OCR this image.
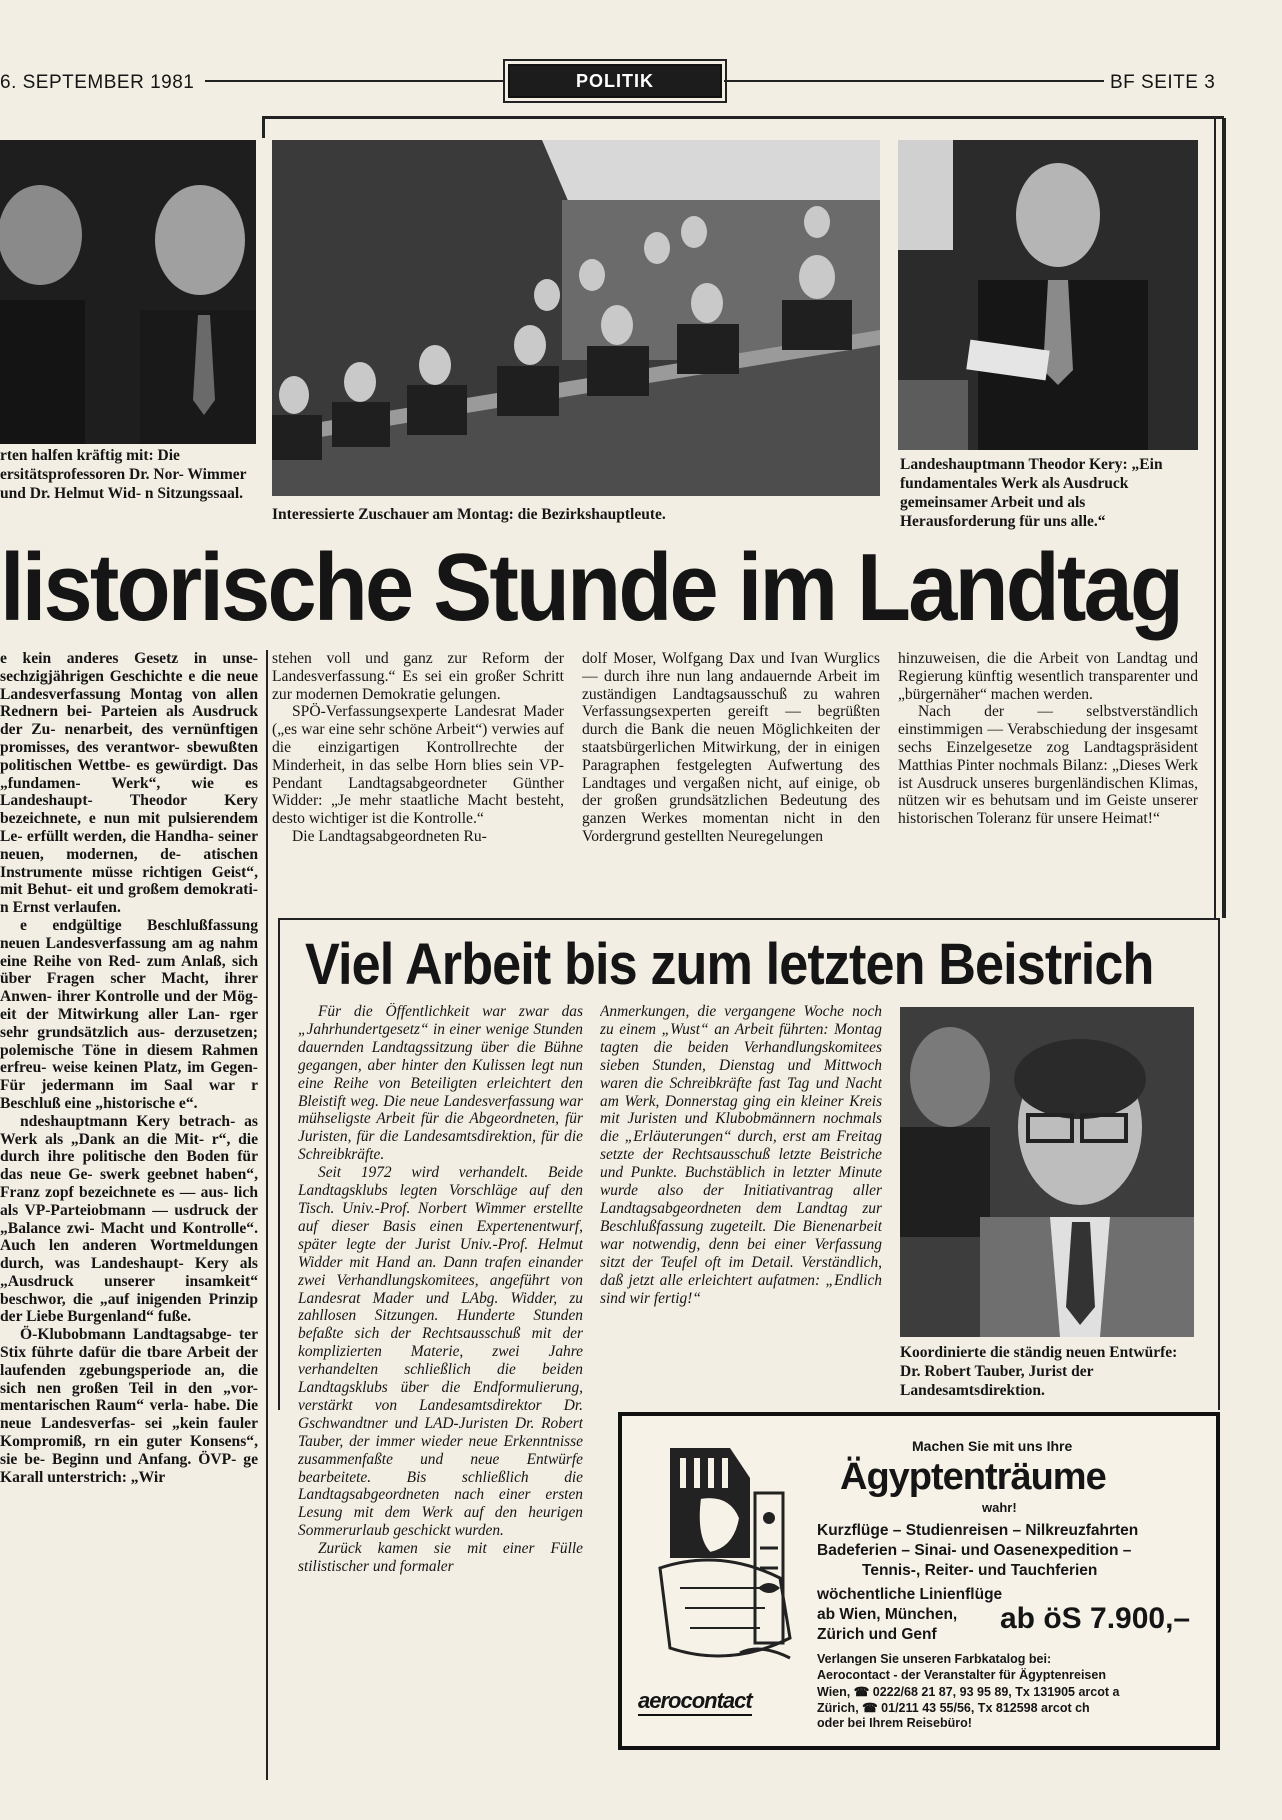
6. SEPTEMBER 1981	POLITIK	BF SEITE 3
rten halfen kräftig mit: Die ersitätsprofessoren Dr. Nor- Wimmer und Dr. Helmut Wid- n Sitzungssaal.
Interessierte Zuschauer am Montag: die Bezirkshauptleute.
Landeshauptmann Theodor Kery: „Ein fundamentales Werk als Ausdruck gemeinsamer Arbeit und als Herausforderung für uns alle.“
listorische Stunde im Landtag

e kein anderes Gesetz in unse- sechzigjährigen Geschichte e die neue Landesverfassung Montag von allen Rednern bei- Parteien als Ausdruck der Zu- nenarbeit, des vernünftigen promisses, des verantwor- sbewußten politischen Wettbe- es gewürdigt. Das „fundamen- Werk“, wie es Landeshaupt- Theodor Kery bezeichnete, e nun mit pulsierendem Le- erfüllt werden, die Handha- seiner neuen, modernen, de- atischen Instrumente müsse richtigen Geist“, mit Behut- eit und großem demokrati- n Ernst verlaufen.

e endgültige Beschlußfassung neuen Landesverfassung am ag nahm eine Reihe von Red- zum Anlaß, sich über Fragen scher Macht, ihrer Anwen- ihrer Kontrolle und der Mög- eit der Mitwirkung aller Lan- rger sehr grundsätzlich aus- derzusetzen; polemische Töne in diesem Rahmen erfreu- weise keinen Platz, im Gegen- Für jedermann im Saal war r Beschluß eine „historische e“.

ndeshauptmann Kery betrach- as Werk als „Dank an die Mit- r“, die durch ihre politische den Boden für das neue Ge- swerk geebnet haben“, Franz zopf bezeichnete es — aus- lich als VP-Parteiobmann — usdruck der „Balance zwi- Macht und Kontrolle“. Auch len anderen Wortmeldungen durch, was Landeshaupt- Kery als „Ausdruck unserer insamkeit“ beschwor, die „auf inigenden Prinzip der Liebe Burgenland“ fuße.

Ö-Klubobmann Landtagsabge- ter Stix führte dafür die tbare Arbeit der laufenden zgebungsperiode an, die sich nen großen Teil in den „vor- mentarischen Raum“ verla- habe. Die neue Landesverfas- sei „kein fauler Kompromiß, rn ein guter Konsens“, sie be- Beginn und Anfang. ÖVP- ge Karall unterstrich: „Wir

stehen voll und ganz zur Reform der Landesverfassung.“ Es sei ein großer Schritt zur modernen Demokratie gelungen.

SPÖ-Verfassungsexperte Landesrat Mader („es war eine sehr schöne Arbeit“) verwies auf die einzigartigen Kontrollrechte der Minderheit, in das selbe Horn blies sein VP-Pendant Landtagsabgeordneter Günther Widder: „Je mehr staatliche Macht besteht, desto wichtiger ist die Kontrolle.“

Die Landtagsabgeordneten Ru-

dolf Moser, Wolfgang Dax und Ivan Wurglics — durch ihre nun lang andauernde Arbeit im zuständigen Landtagsausschuß zu wahren Verfassungsexperten gereift — begrüßten durch die Bank die neuen Möglichkeiten der staatsbürgerlichen Mitwirkung, der in einigen Paragraphen festgelegten Aufwertung des Landtages und vergaßen nicht, auf einige, ob der großen grundsätzlichen Bedeutung des ganzen Werkes momentan nicht in den Vordergrund gestellten Neuregelungen

hinzuweisen, die die Arbeit von Landtag und Regierung künftig wesentlich transparenter und „bürgernäher“ machen werden.

Nach der — selbstverständlich einstimmigen — Verabschiedung der insgesamt sechs Einzelgesetze zog Landtagspräsident Matthias Pinter nochmals Bilanz: „Dieses Werk ist Ausdruck unseres burgenländischen Klimas, nützen wir es behutsam und im Geiste unserer historischen Toleranz für unsere Heimat!“

Viel Arbeit bis zum letzten Beistrich

Für die Öffentlichkeit war zwar das „Jahrhundertgesetz“ in einer wenige Stunden dauernden Landtagssitzung über die Bühne gegangen, aber hinter den Kulissen legt nun eine Reihe von Beteiligten erleichtert den Bleistift weg. Die neue Landesverfassung war mühseligste Arbeit für die Abgeordneten, für Juristen, für die Landesamtsdirektion, für die Schreibkräfte.

Seit 1972 wird verhandelt. Beide Landtagsklubs legten Vorschläge auf den Tisch. Univ.-Prof. Norbert Wimmer erstellte auf dieser Basis einen Expertenentwurf, später legte der Jurist Univ.-Prof. Helmut Widder mit Hand an. Dann trafen einander zwei Verhandlungskomitees, angeführt von Landesrat Mader und LAbg. Widder, zu zahllosen Sitzungen. Hunderte Stunden befaßte sich der Rechtsausschuß mit der komplizierten Materie, zwei Jahre verhandelten schließlich die beiden Landtagsklubs über die Endformulierung, verstärkt von Landesamtsdirektor Dr. Gschwandtner und LAD-Juristen Dr. Robert Tauber, der immer wieder neue Erkenntnisse zusammenfaßte und neue Entwürfe bearbeitete. Bis schließlich die Landtagsabgeordneten nach einer ersten Lesung mit dem Werk auf den heurigen Sommerurlaub geschickt wurden.

Zurück kamen sie mit einer Fülle stilistischer und formaler

Anmerkungen, die vergangene Woche noch zu einem „Wust“ an Arbeit führten: Montag tagten die beiden Verhandlungskomitees sieben Stunden, Dienstag und Mittwoch waren die Schreibkräfte fast Tag und Nacht am Werk, Donnerstag ging ein kleiner Kreis mit Juristen und Klubobmännern nochmals die „Erläuterungen“ durch, erst am Freitag setzte der Rechtsausschuß letzte Beistriche und Punkte. Buchstäblich in letzter Minute wurde also der Initiativantrag aller Landtagsabgeordneten dem Landtag zur Beschlußfassung zugeteilt. Die Bienenarbeit war notwendig, denn bei einer Verfassung sitzt der Teufel oft im Detail. Verständlich, daß jetzt alle erleichtert aufatmen: „Endlich sind wir fertig!“

Koordinierte die ständig neuen Entwürfe: Dr. Robert Tauber, Jurist der Landesamtsdirektion.
Machen Sie mit uns Ihre
Ägyptenträume
wahr!
Kurzflüge – Studienreisen – Nilkreuzfahrten
Badeferien – Sinai- und Oasenexpedition –
Tennis-, Reiter- und Tauchferien
wöchentliche Linienflüge
ab Wien, München,
Zürich und Genf ab öS 7.900,–
Verlangen Sie unseren Farbkatalog bei:
Aerocontact - der Veranstalter für Ägyptenreisen
Wien, ☎ 0222/68 21 87, 93 95 89, Tx 131905 arcot a
Zürich, ☎ 01/211 43 55/56, Tx 812598 arcot ch
oder bei Ihrem Reisebüro!
aerocontact
